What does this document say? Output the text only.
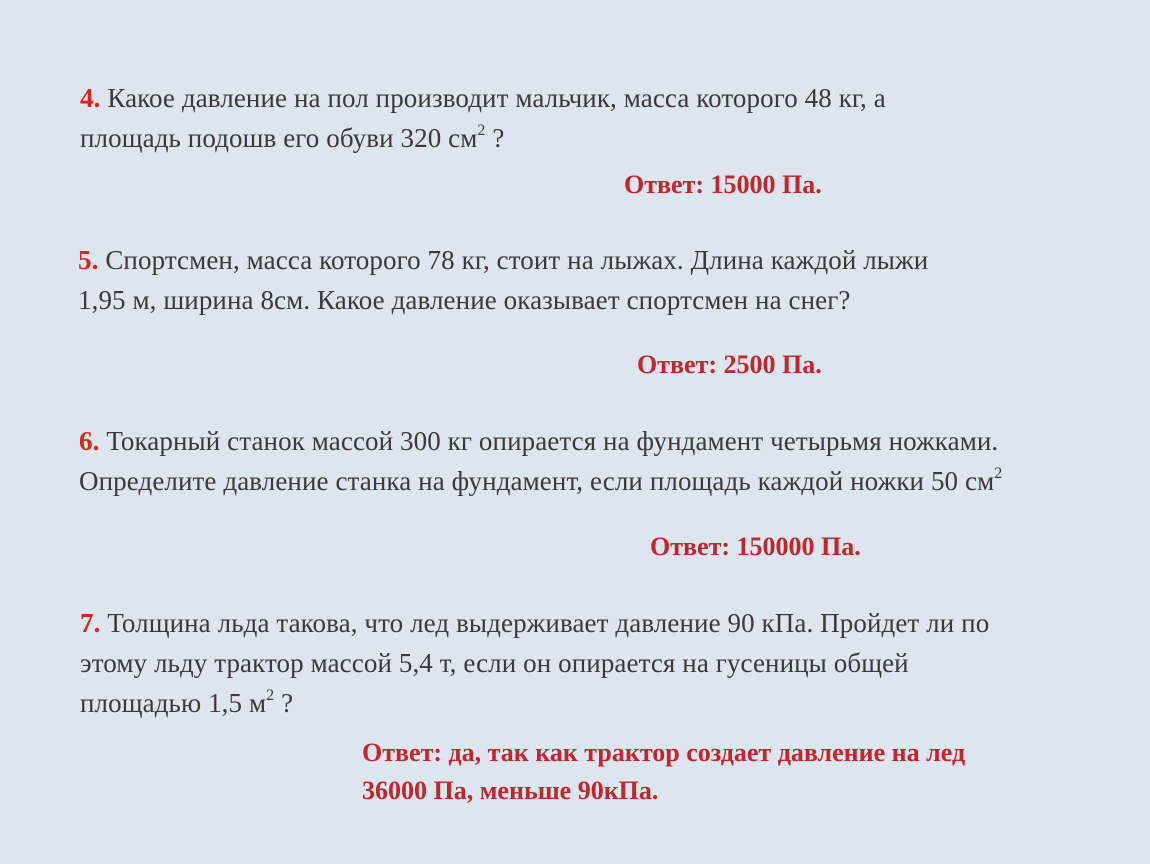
4. Какое давление на пол производит мальчик, масса которого 48 кг, а
площадь подошв его обуви 320 $см^2$ ?
Ответ: 15000 Па.
5. Спортсмен, масса которого 78 кг, стоит на лыжах. Длина каждой лыжи
1,95 м, ширина 8см. Какое давление оказывает спортсмен на снег?
Ответ: 2500 Па.
6. Токарный станок массой 300 кг опирается на фундамент четырьмя ножками.
Определите давление станка на фундамент, если площадь каждой ножки 50 $см^2$
Ответ: 150000 Па.
7. Толщина льда такова, что лед выдерживает давление 90 кПа. Пройдет ли по
этому льду трактор массой 5,4 т, если он опирается на гусеницы общей
площадью 1,5 $м^2$ ?
Ответ: да, так как трактор создает давление на лед
36000 Па, меньше 90кПа.
